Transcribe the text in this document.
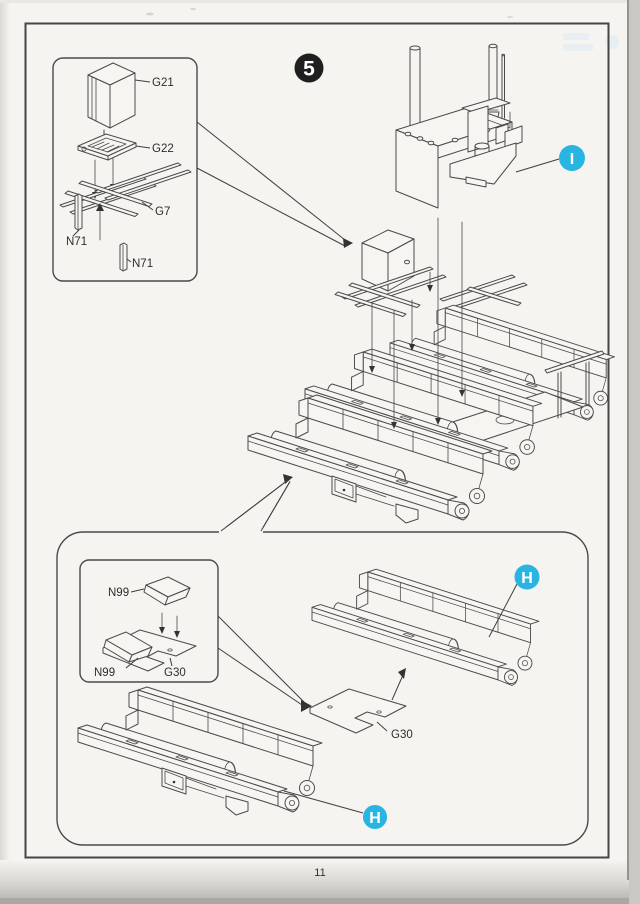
5
G21
G22
G7
N71
N71
I
N99
N99	G30
H
G30
H
11
